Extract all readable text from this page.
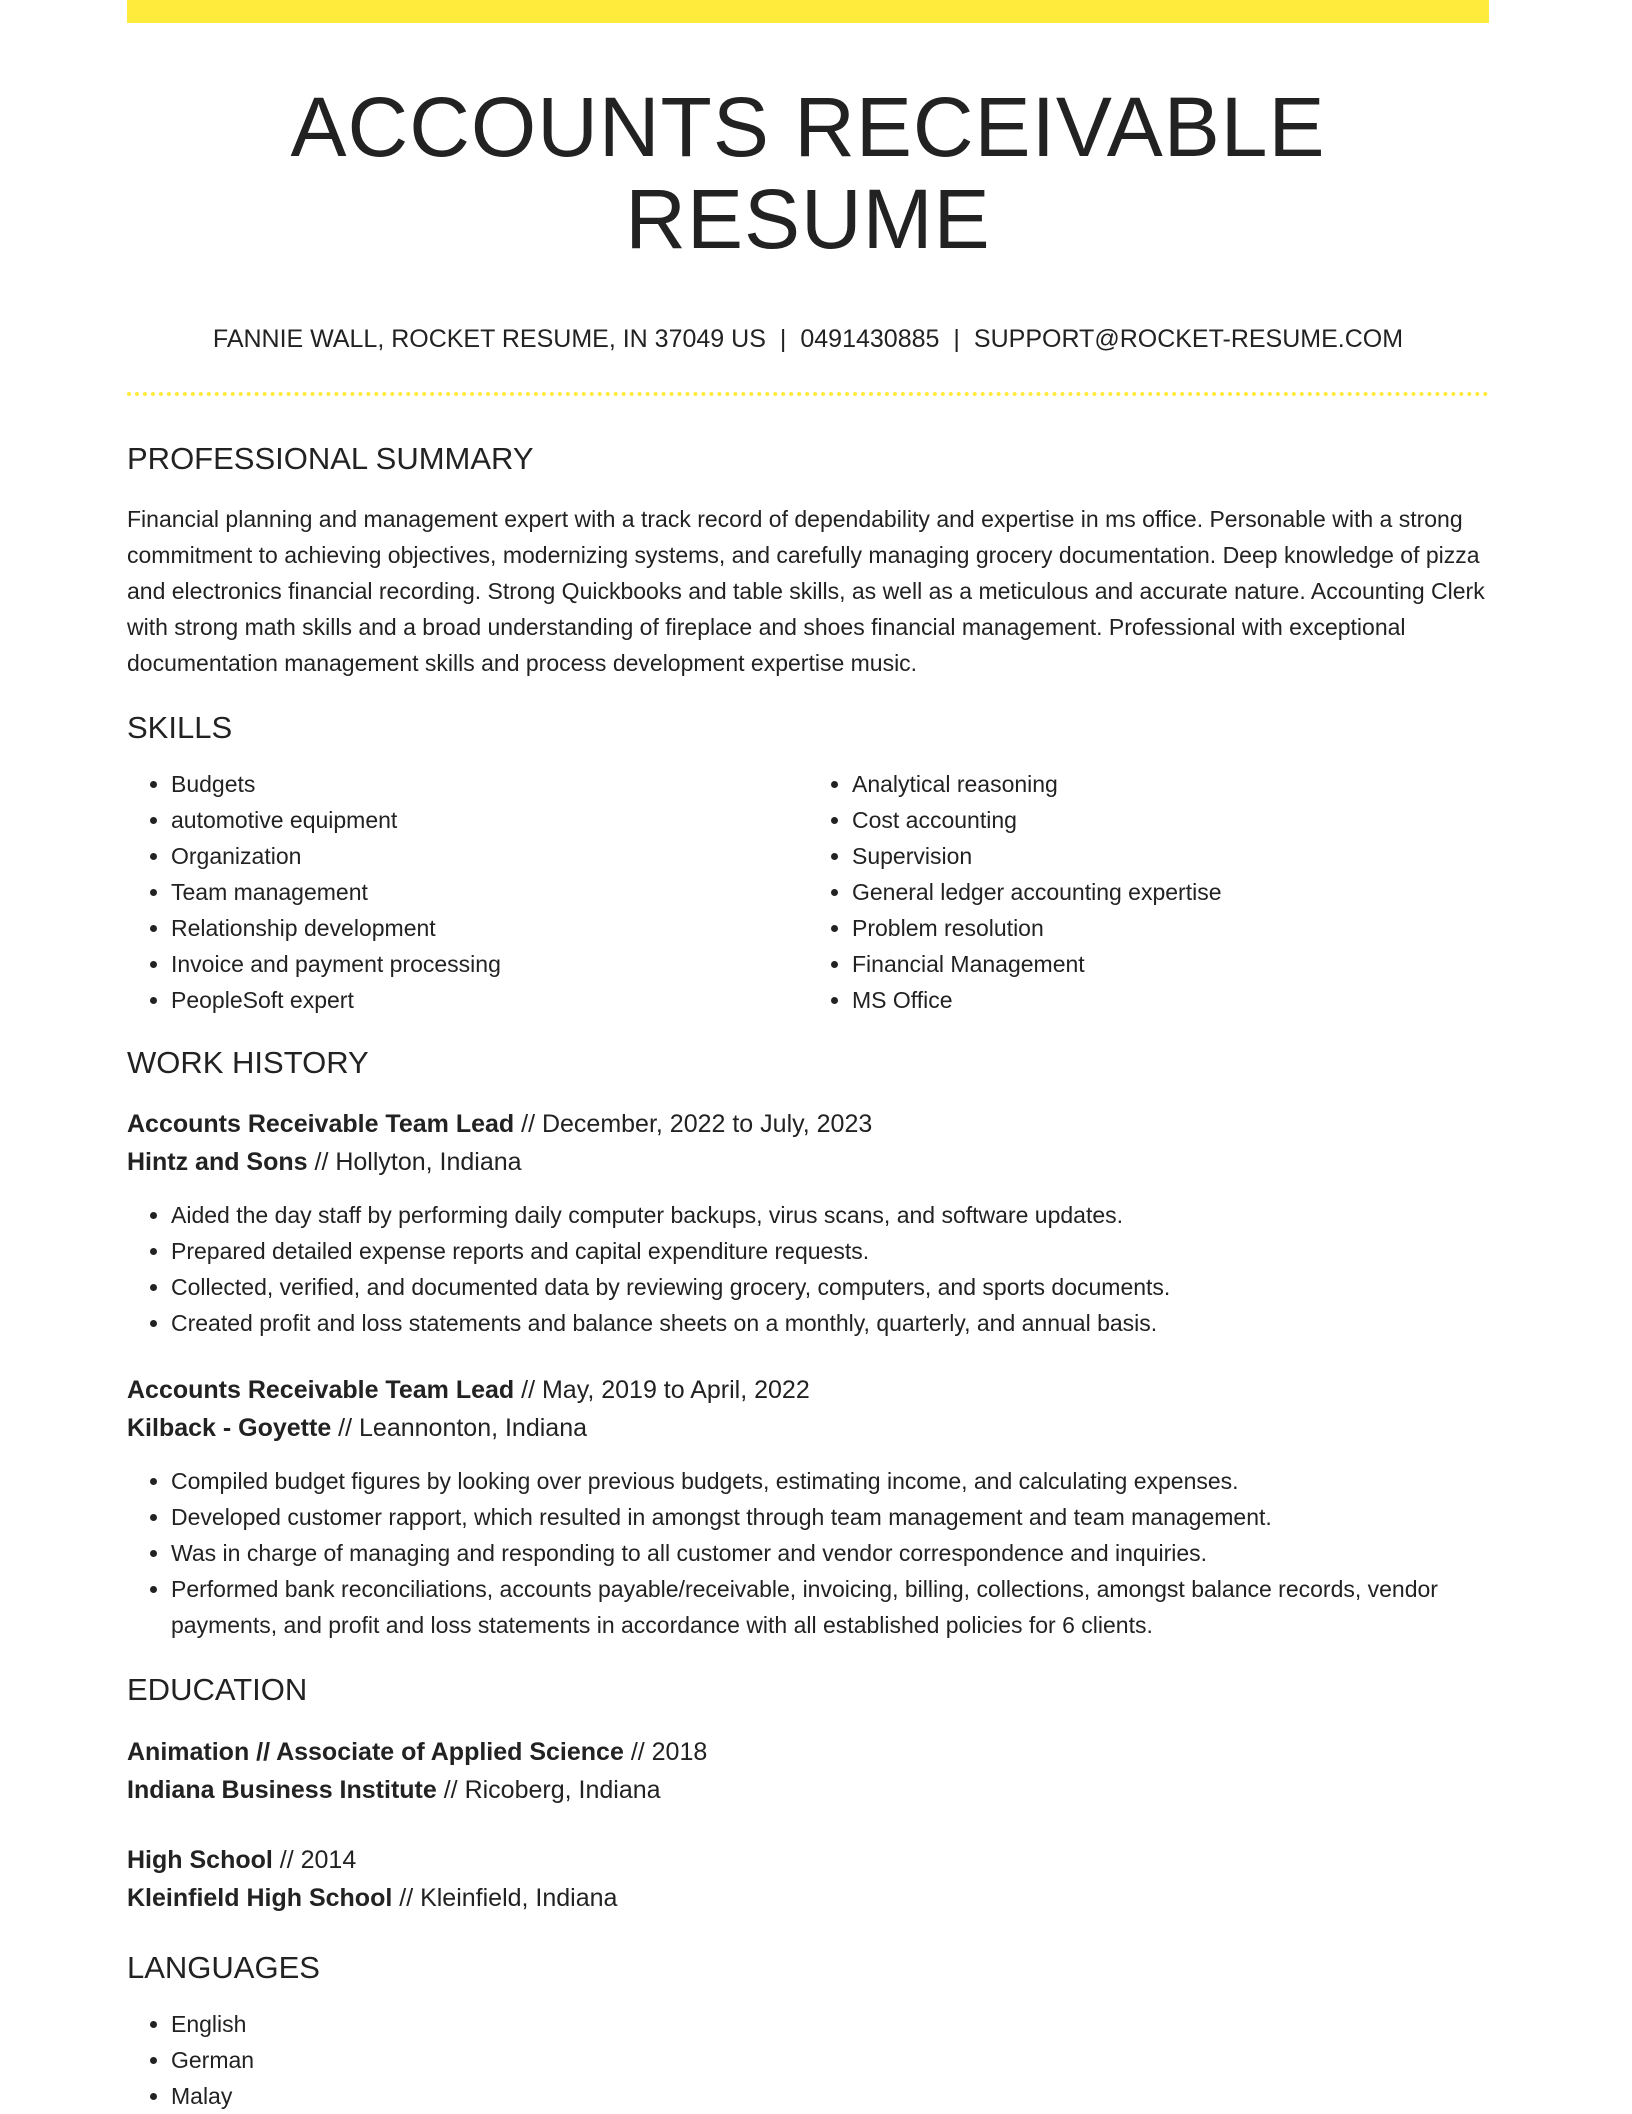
ACCOUNTS RECEIVABLE RESUME
FANNIE WALL, ROCKET RESUME, IN 37049 US | 0491430885 | SUPPORT@ROCKET-RESUME.COM
PROFESSIONAL SUMMARY

Financial planning and management expert with a track record of dependability and expertise in ms office. Personable with a strong commitment to achieving objectives, modernizing systems, and carefully managing grocery documentation. Deep knowledge of pizza and electronics financial recording. Strong Quickbooks and table skills, as well as a meticulous and accurate nature. Accounting Clerk with strong math skills and a broad understanding of fireplace and shoes financial management. Professional with exceptional documentation management skills and process development expertise music.

SKILLS
• Budgets
• automotive equipment
• Organization
• Team management
• Relationship development
• Invoice and payment processing
• PeopleSoft expert
• Analytical reasoning
• Cost accounting
• Supervision
• General ledger accounting expertise
• Problem resolution
• Financial Management
• MS Office
WORK HISTORY
Accounts Receivable Team Lead // December, 2022 to July, 2023
Hintz and Sons // Hollyton, Indiana
• Aided the day staff by performing daily computer backups, virus scans, and software updates.
• Prepared detailed expense reports and capital expenditure requests.
• Collected, verified, and documented data by reviewing grocery, computers, and sports documents.
• Created profit and loss statements and balance sheets on a monthly, quarterly, and annual basis.
Accounts Receivable Team Lead // May, 2019 to April, 2022
Kilback - Goyette // Leannonton, Indiana
• Compiled budget figures by looking over previous budgets, estimating income, and calculating expenses.
• Developed customer rapport, which resulted in amongst through team management and team management.
• Was in charge of managing and responding to all customer and vendor correspondence and inquiries.
• Performed bank reconciliations, accounts payable/receivable, invoicing, billing, collections, amongst balance records, vendor payments, and profit and loss statements in accordance with all established policies for 6 clients.
EDUCATION
Animation // Associate of Applied Science // 2018
Indiana Business Institute // Ricoberg, Indiana
High School // 2014
Kleinfield High School // Kleinfield, Indiana
LANGUAGES
• English
• German
• Malay
